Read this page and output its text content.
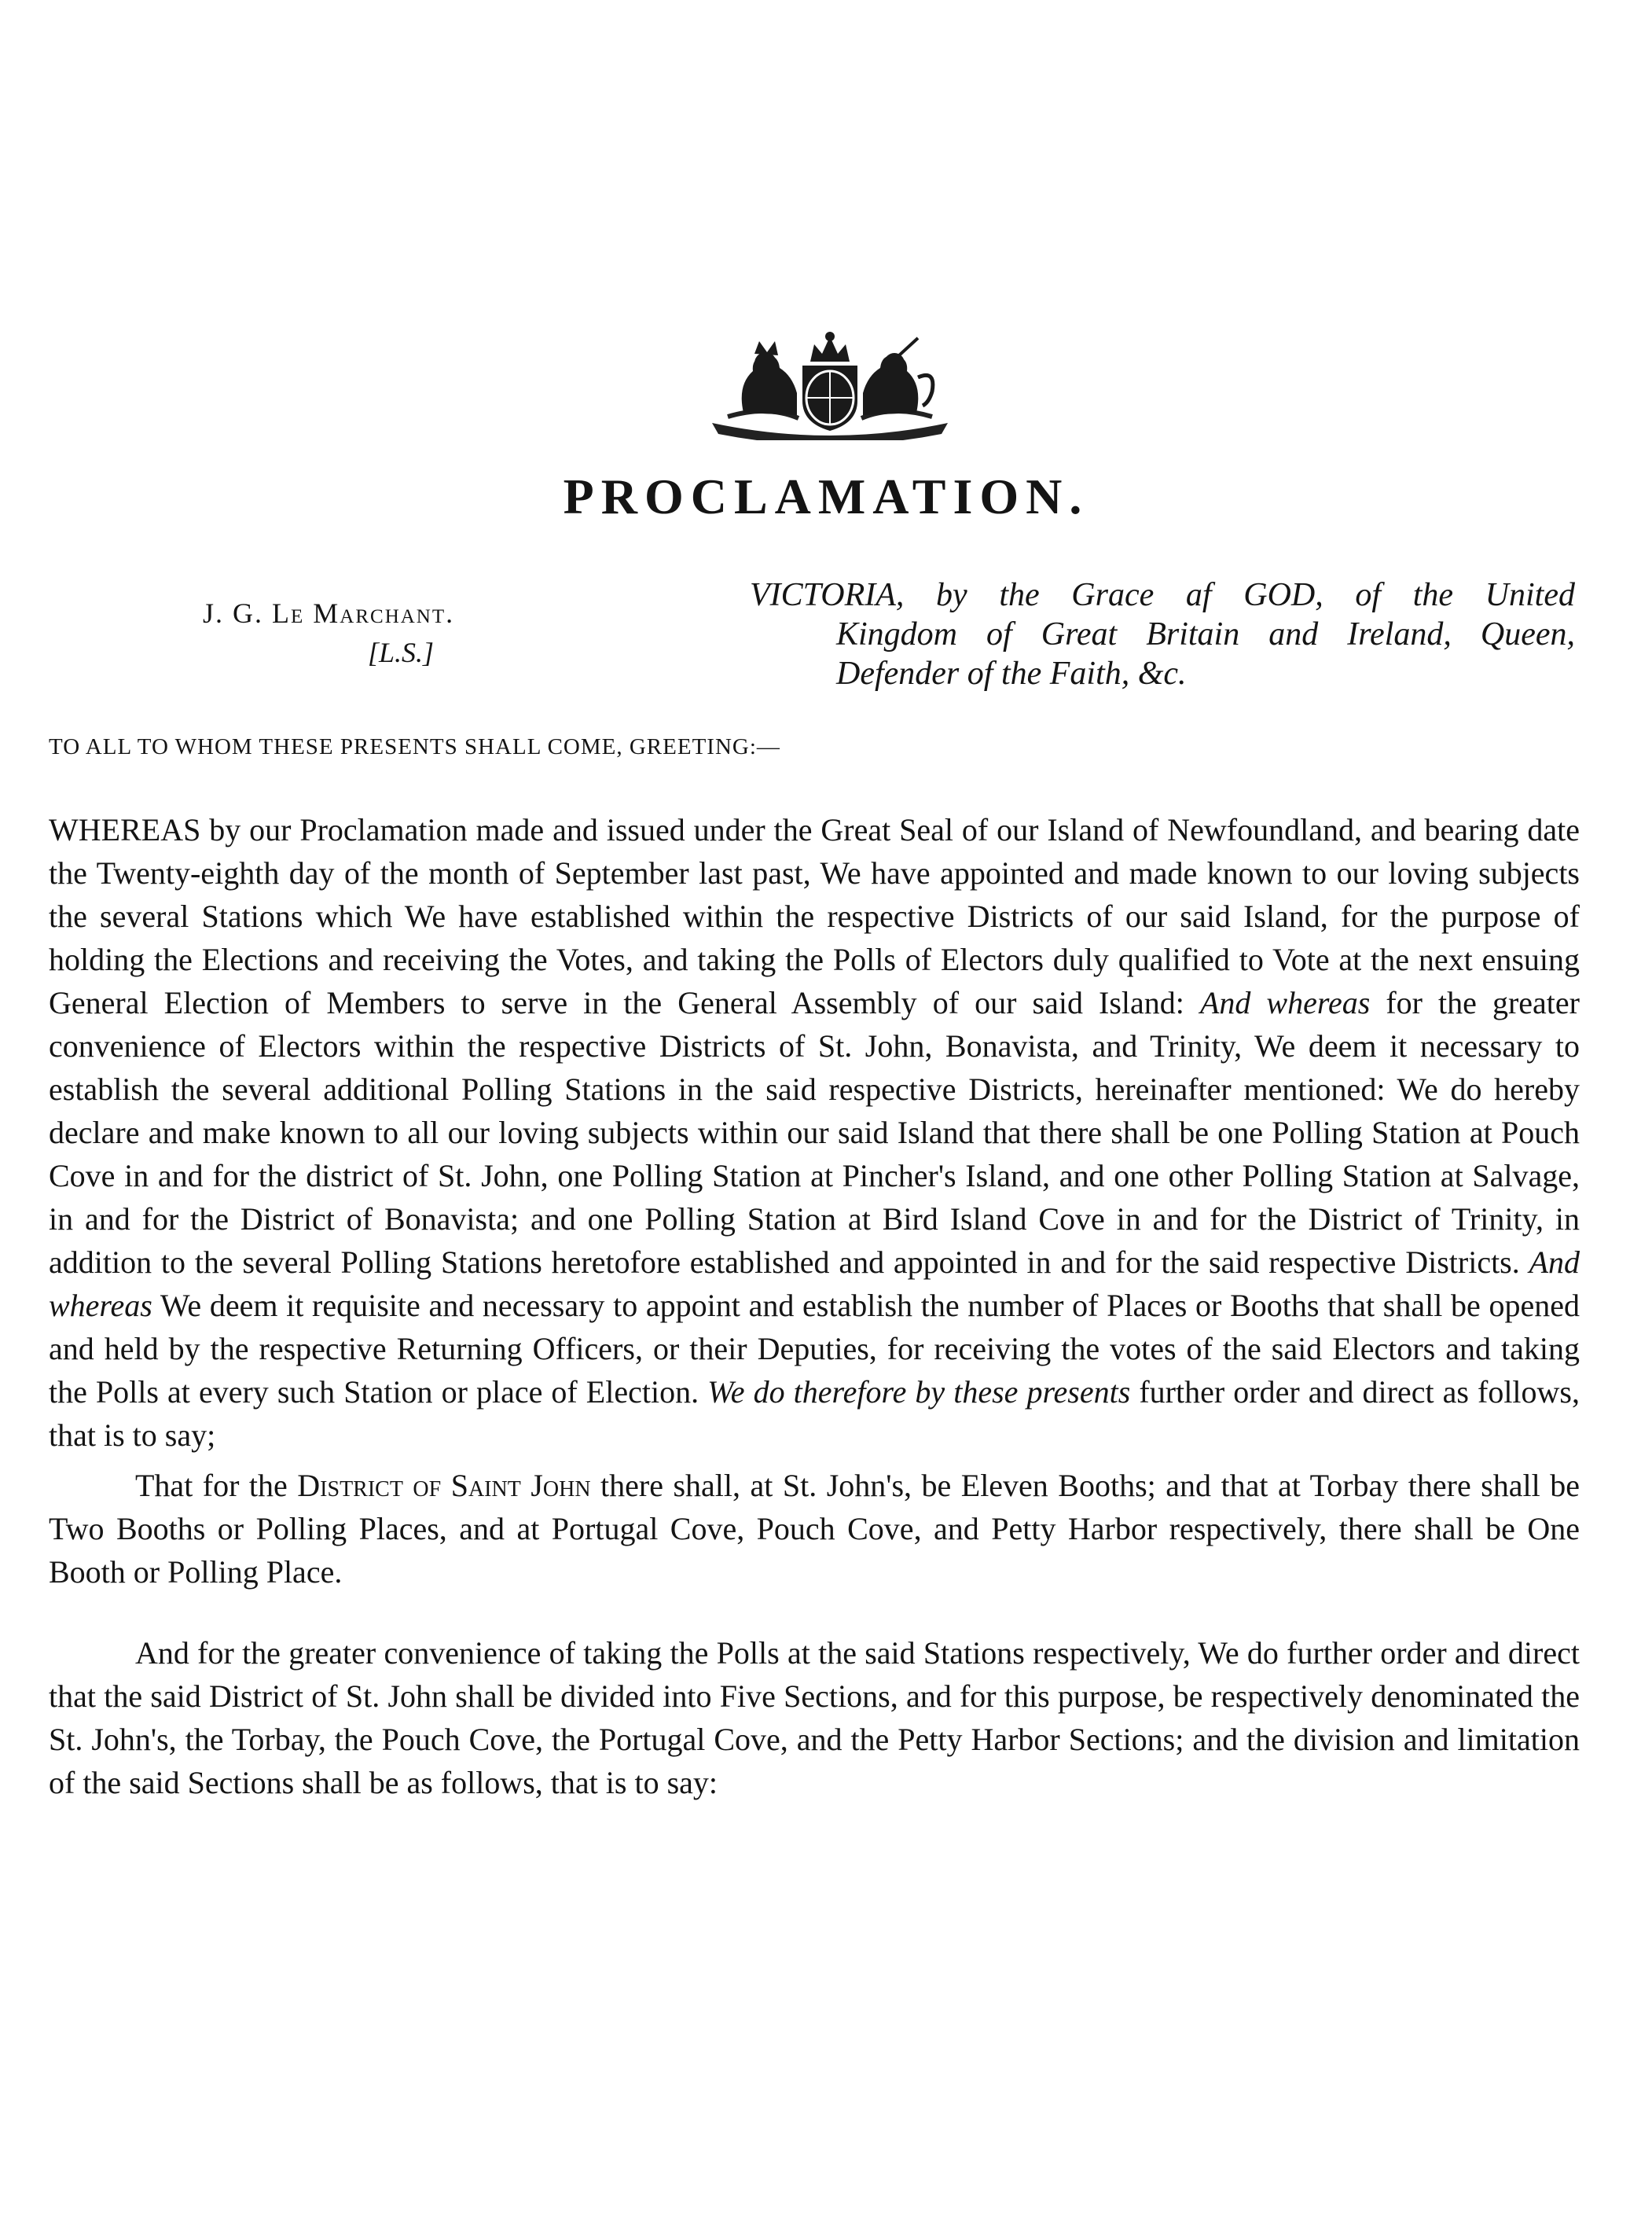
PROCLAMATION.
J. G. Le Marchant.
[L.S.]
VICTORIA, by the Grace af GOD, of the United
Kingdom of Great Britain and Ireland, Queen, Defender of the Faith, &c.

TO ALL TO WHOM THESE PRESENTS SHALL COME, GREETING:—

WHEREAS by our Proclamation made and issued under the Great Seal of our Island of Newfoundland, and bearing date the Twenty-eighth day of the month of September last past, We have appointed and made known to our loving subjects the several Stations which We have established within the respective Districts of our said Island, for the purpose of holding the Elections and receiving the Votes, and taking the Polls of Electors duly qualified to Vote at the next ensuing General Election of Members to serve in the General Assembly of our said Island: And whereas for the greater convenience of Electors within the respective Districts of St. John, Bonavista, and Trinity, We deem it necessary to establish the several additional Polling Stations in the said respective Districts, hereinafter mentioned: We do hereby declare and make known to all our loving subjects within our said Island that there shall be one Polling Station at Pouch Cove in and for the district of St. John, one Polling Station at Pincher's Island, and one other Polling Station at Salvage, in and for the District of Bonavista; and one Polling Station at Bird Island Cove in and for the District of Trinity, in addition to the several Polling Stations heretofore established and appointed in and for the said respective Districts. And whereas We deem it requisite and necessary to appoint and establish the number of Places or Booths that shall be opened and held by the respective Returning Officers, or their Deputies, for receiving the votes of the said Electors and taking the Polls at every such Station or place of Election. We do therefore by these presents further order and direct as follows, that is to say;

That for the District of Saint John there shall, at St. John's, be Eleven Booths; and that at Torbay there shall be Two Booths or Polling Places, and at Portugal Cove, Pouch Cove, and Petty Harbor respectively, there shall be One Booth or Polling Place.

And for the greater convenience of taking the Polls at the said Stations respectively, We do further order and direct that the said District of St. John shall be divided into Five Sections, and for this purpose, be respectively denominated the St. John's, the Torbay, the Pouch Cove, the Portugal Cove, and the Petty Harbor Sections; and the division and limitation of the said Sections shall be as follows, that is to say:
